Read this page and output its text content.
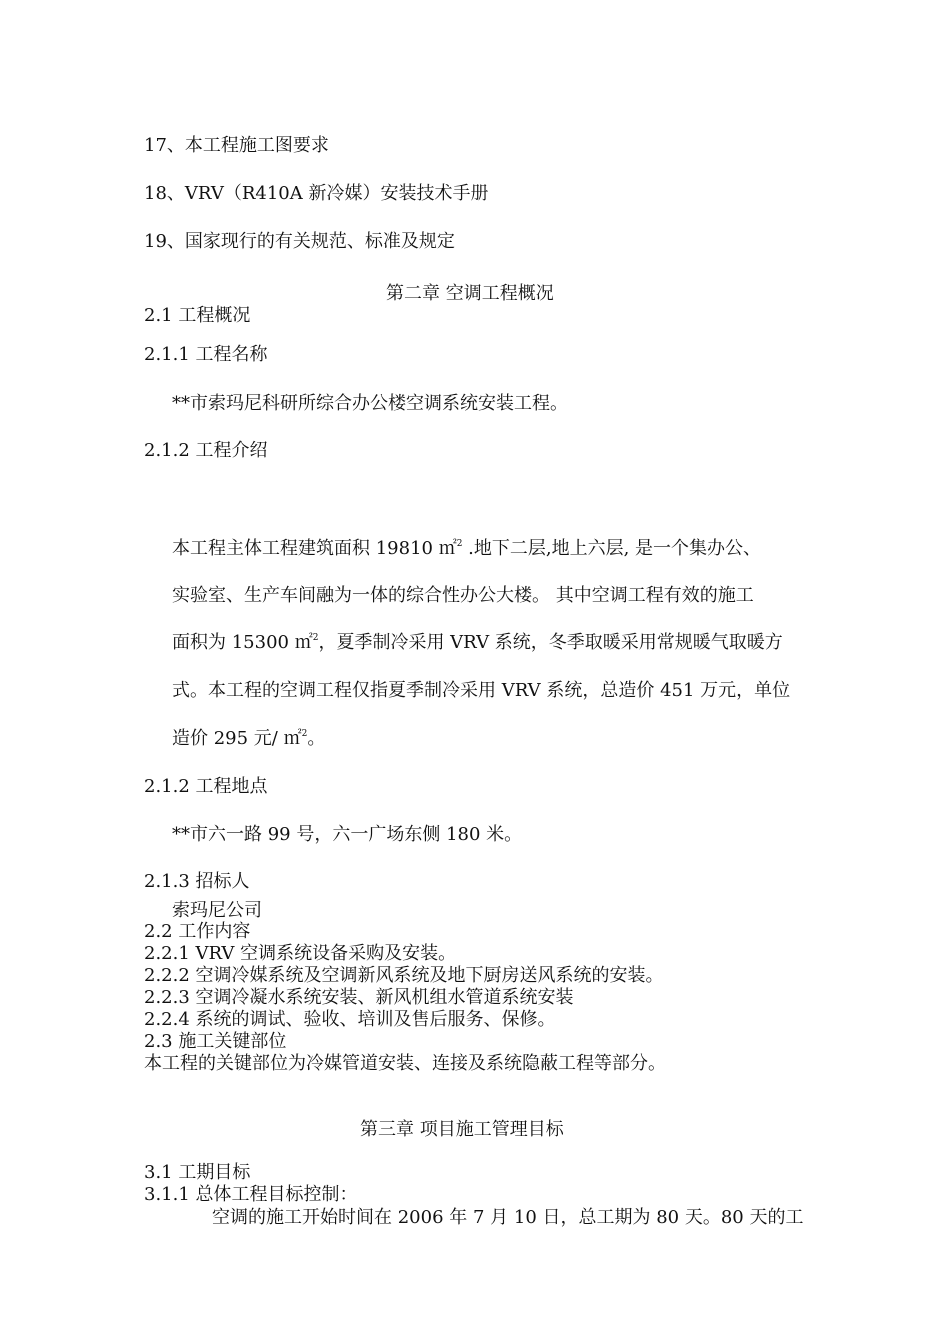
17、本工程施工图要求
18、VRV（R410A 新冷媒）安装技术手册
19、国家现行的有关规范、标准及规定
第二章 空调工程概况
2.1 工程概况
2.1.1 工程名称
**市索玛尼科研所综合办公楼空调系统安装工程。
2.1.2 工程介绍
本工程主体工程建筑面积 19810 ㎡$^2$ .地下二层,地上六层, 是一个集办公、
实验室、生产车间融为一体的综合性办公大楼。 其中空调工程有效的施工
面积为 15300 ㎡$^2$，夏季制冷采用 VRV 系统，冬季取暖采用常规暖气取暖方
式。本工程的空调工程仅指夏季制冷采用 VRV 系统，总造价 451 万元，单位
造价 295 元/ ㎡$^2$。
2.1.2 工程地点
**市六一路 99 号，六一广场东侧 180 米。
2.1.3 招标人
索玛尼公司
2.2 工作内容
2.2.1 VRV 空调系统设备采购及安装。
2.2.2 空调冷媒系统及空调新风系统及地下厨房送风系统的安装。
2.2.3 空调冷凝水系统安装、新风机组水管道系统安装
2.2.4 系统的调试、验收、培训及售后服务、保修。
2.3 施工关键部位
本工程的关键部位为冷媒管道安装、连接及系统隐蔽工程等部分。
第三章 项目施工管理目标
3.1 工期目标
3.1.1 总体工程目标控制：
空调的施工开始时间在 2006 年 7 月 10 日，总工期为 80 天。80 天的工
